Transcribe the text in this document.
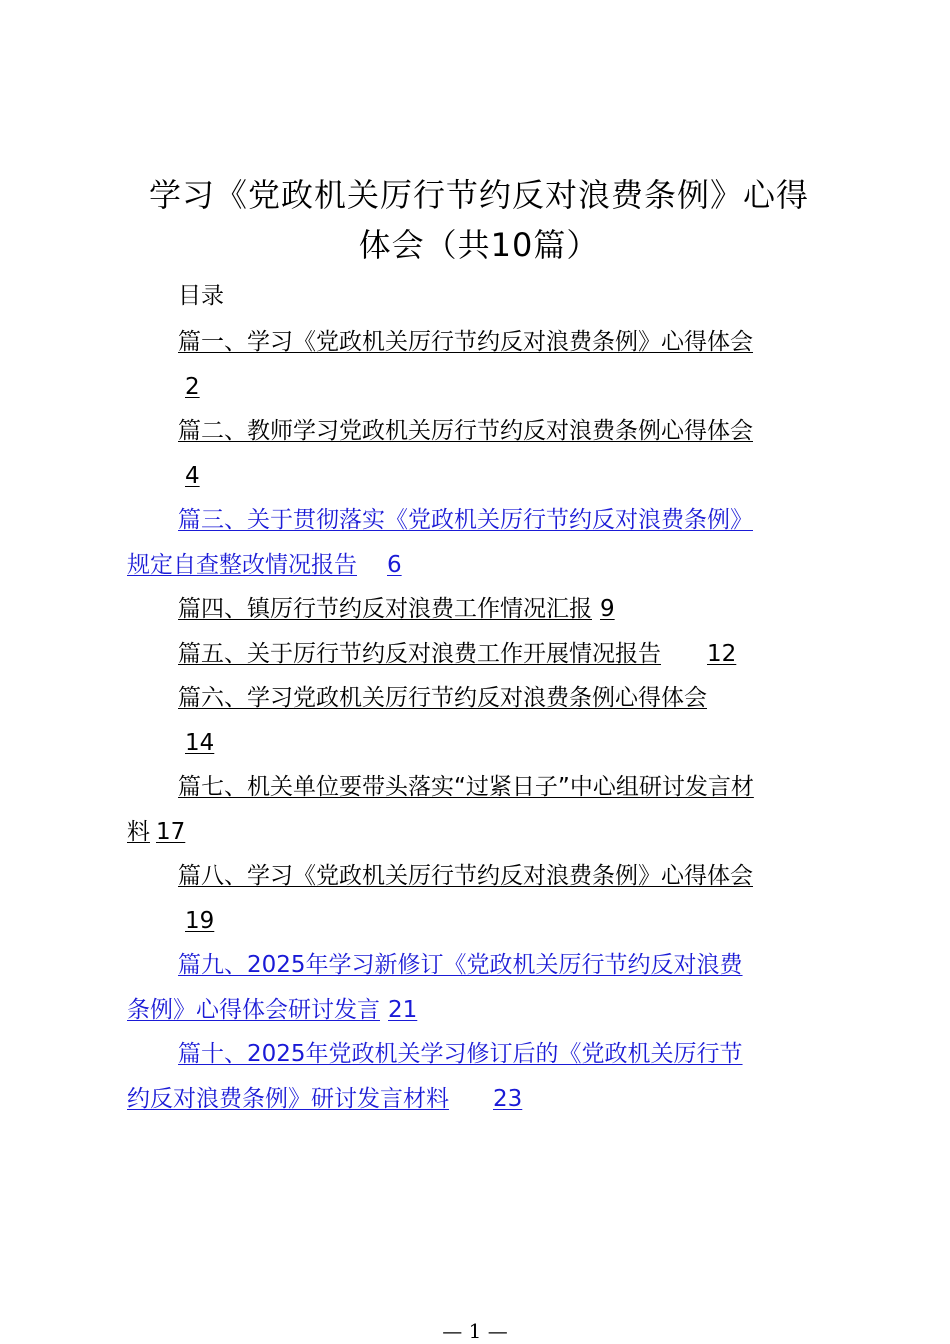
学习《党政机关厉行节约反对浪费条例》心得
体会（共10篇）
目录
篇一、学习《党政机关厉行节约反对浪费条例》心得体会
2
篇二、教师学习党政机关厉行节约反对浪费条例心得体会
4
篇三、关于贯彻落实《党政机关厉行节约反对浪费条例》
规定自查整改情况报告 6
篇四、镇厉行节约反对浪费工作情况汇报 9
篇五、关于厉行节约反对浪费工作开展情况报告 12
篇六、学习党政机关厉行节约反对浪费条例心得体会
14
篇七、机关单位要带头落实“过紧日子”中心组研讨发言材
料 17
篇八、学习《党政机关厉行节约反对浪费条例》心得体会
19
篇九、2025年学习新修订《党政机关厉行节约反对浪费
条例》心得体会研讨发言 21
篇十、2025年党政机关学习修订后的《党政机关厉行节
约反对浪费条例》研讨发言材料 23
— 1 —
